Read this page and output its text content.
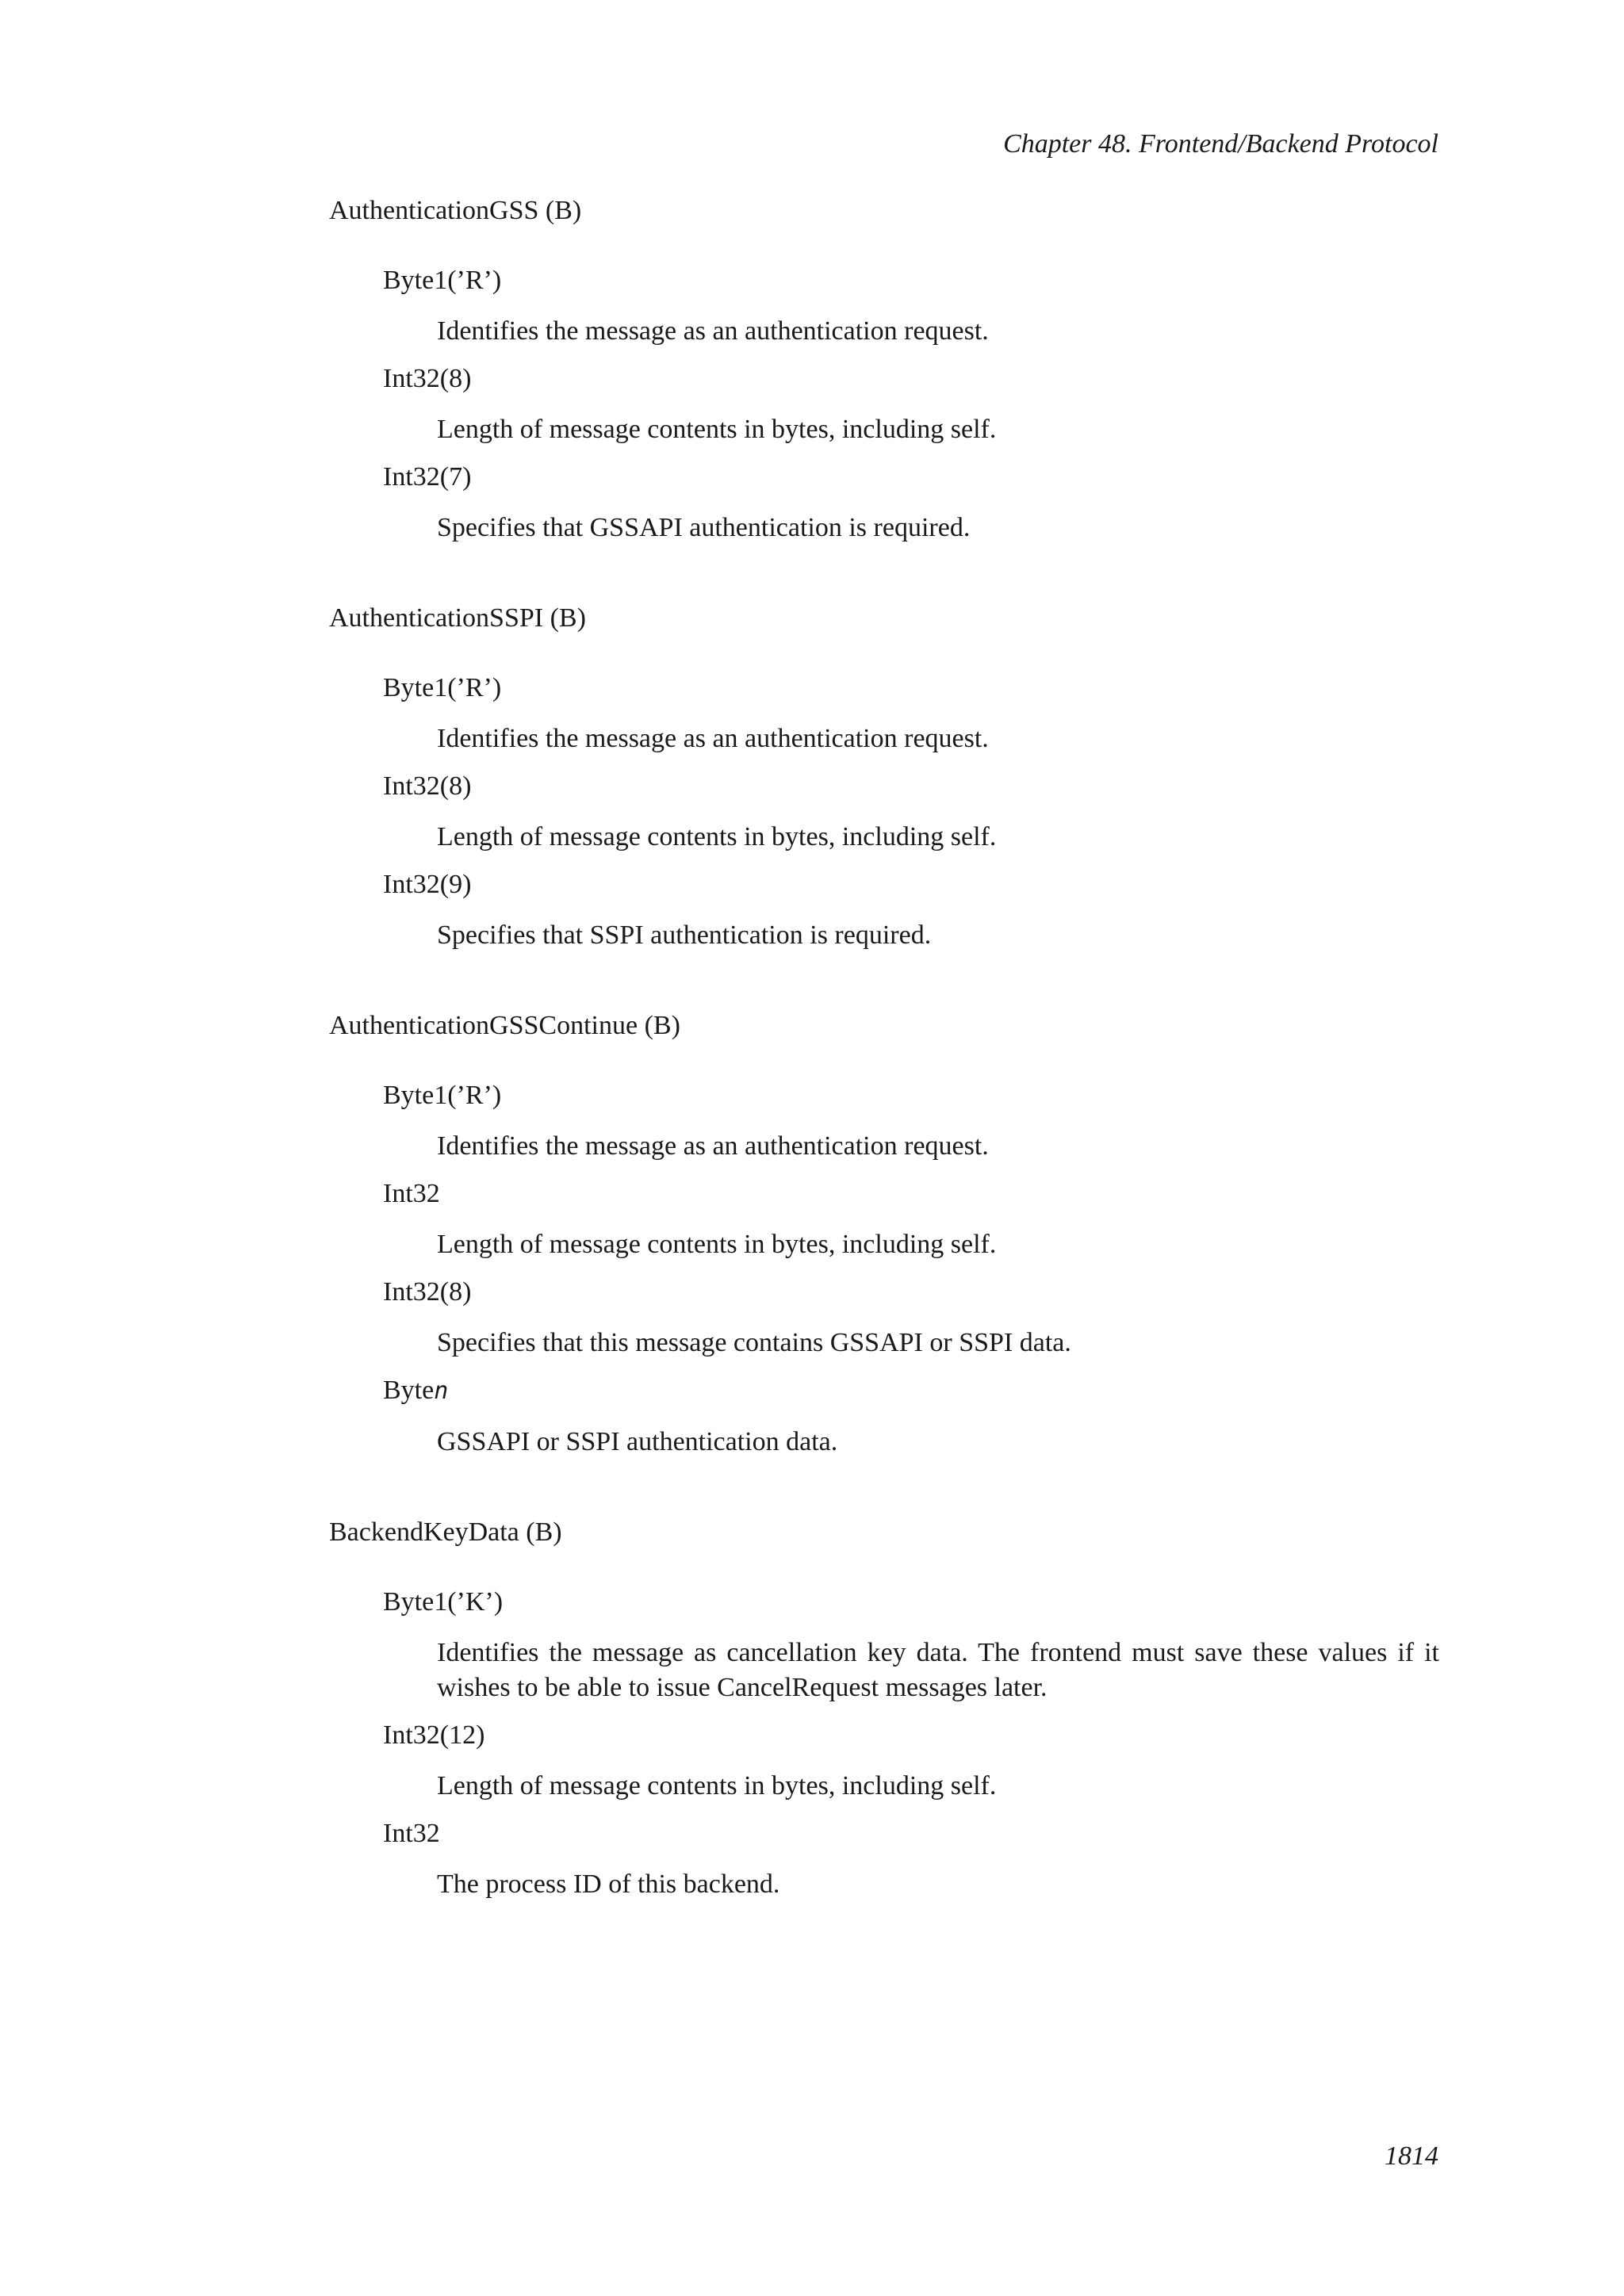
Chapter 48. Frontend/Backend Protocol
AuthenticationGSS (B)
Byte1(’R’)
Identifies the message as an authentication request.
Int32(8)
Length of message contents in bytes, including self.
Int32(7)
Specifies that GSSAPI authentication is required.
AuthenticationSSPI (B)
Byte1(’R’)
Identifies the message as an authentication request.
Int32(8)
Length of message contents in bytes, including self.
Int32(9)
Specifies that SSPI authentication is required.
AuthenticationGSSContinue (B)
Byte1(’R’)
Identifies the message as an authentication request.
Int32
Length of message contents in bytes, including self.
Int32(8)
Specifies that this message contains GSSAPI or SSPI data.
Byten
GSSAPI or SSPI authentication data.
BackendKeyData (B)
Byte1(’K’)
Identifies the message as cancellation key data. The frontend must save these values if it wishes to be able to issue CancelRequest messages later.
Int32(12)
Length of message contents in bytes, including self.
Int32
The process ID of this backend.
1814
